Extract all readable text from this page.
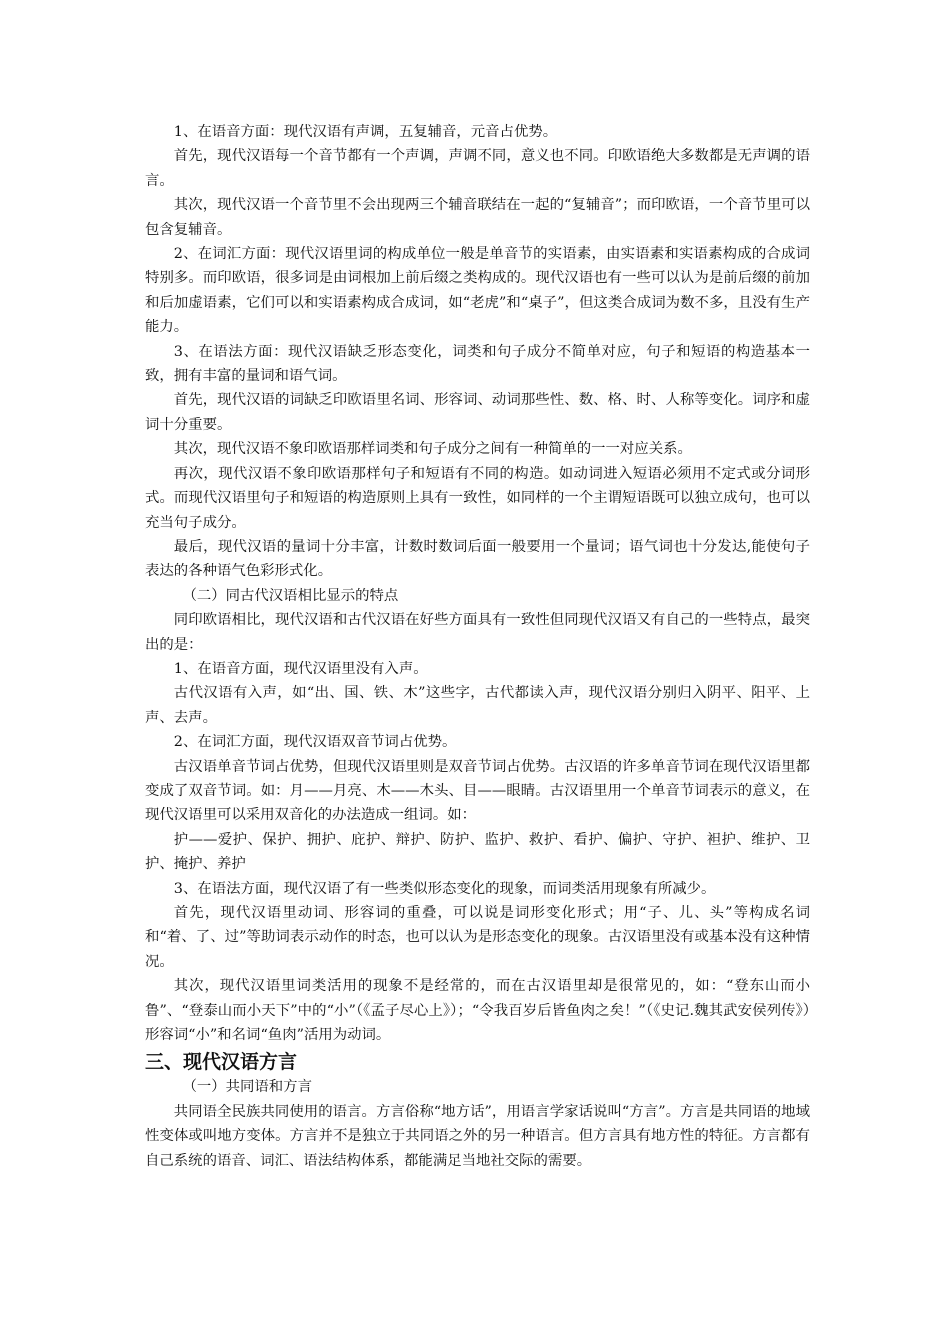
1、在语音方面：现代汉语有声调，五复辅音，元音占优势。

首先，现代汉语每一个音节都有一个声调，声调不同，意义也不同。印欧语绝大多数都是无声调的语言。

其次，现代汉语一个音节里不会出现两三个辅音联结在一起的“复辅音”；而印欧语，一个音节里可以包含复辅音。

2、在词汇方面：现代汉语里词的构成单位一般是单音节的实语素，由实语素和实语素构成的合成词特别多。而印欧语，很多词是由词根加上前后缀之类构成的。现代汉语也有一些可以认为是前后缀的前加和后加虚语素，它们可以和实语素构成合成词，如“老虎”和“桌子”，但这类合成词为数不多，且没有生产能力。

3、在语法方面：现代汉语缺乏形态变化，词类和句子成分不简单对应，句子和短语的构造基本一致，拥有丰富的量词和语气词。

首先，现代汉语的词缺乏印欧语里名词、形容词、动词那些性、数、格、时、人称等变化。词序和虚词十分重要。

其次，现代汉语不象印欧语那样词类和句子成分之间有一种简单的一一对应关系。

再次，现代汉语不象印欧语那样句子和短语有不同的构造。如动词进入短语必须用不定式或分词形式。而现代汉语里句子和短语的构造原则上具有一致性，如同样的一个主谓短语既可以独立成句，也可以充当句子成分。

最后，现代汉语的量词十分丰富，计数时数词后面一般要用一个量词；语气词也十分发达,能使句子表达的各种语气色彩形式化。

（二）同古代汉语相比显示的特点

同印欧语相比，现代汉语和古代汉语在好些方面具有一致性但同现代汉语又有自己的一些特点，最突出的是：

1、在语音方面，现代汉语里没有入声。

古代汉语有入声，如“出、国、铁、木”这些字，古代都读入声，现代汉语分别归入阴平、阳平、上声、去声。

2、在词汇方面，现代汉语双音节词占优势。

古汉语单音节词占优势，但现代汉语里则是双音节词占优势。古汉语的许多单音节词在现代汉语里都变成了双音节词。如：月——月亮、木——木头、目——眼睛。古汉语里用一个单音节词表示的意义，在现代汉语里可以采用双音化的办法造成一组词。如：

护——爱护、保护、拥护、庇护、辩护、防护、监护、救护、看护、偏护、守护、袒护、维护、卫护、掩护、养护

3、在语法方面，现代汉语了有一些类似形态变化的现象，而词类活用现象有所减少。

首先，现代汉语里动词、形容词的重叠，可以说是词形变化形式；用“子、儿、头”等构成名词和“着、了、过”等助词表示动作的时态，也可以认为是形态变化的现象。古汉语里没有或基本没有这种情况。

其次，现代汉语里词类活用的现象不是经常的，而在古汉语里却是很常见的，如：“登东山而小鲁”、“登泰山而小天下”中的“小”（《孟子尽心上》）；“令我百岁后皆鱼肉之矣！”（《史记.魏其武安侯列传》）形容词“小”和名词“鱼肉”活用为动词。

三、现代汉语方言

（一）共同语和方言

共同语全民族共同使用的语言。方言俗称“地方话”，用语言学家话说叫“方言”。方言是共同语的地域性变体或叫地方变体。方言并不是独立于共同语之外的另一种语言。但方言具有地方性的特征。方言都有自己系统的语音、词汇、语法结构体系，都能满足当地社交际的需要。
